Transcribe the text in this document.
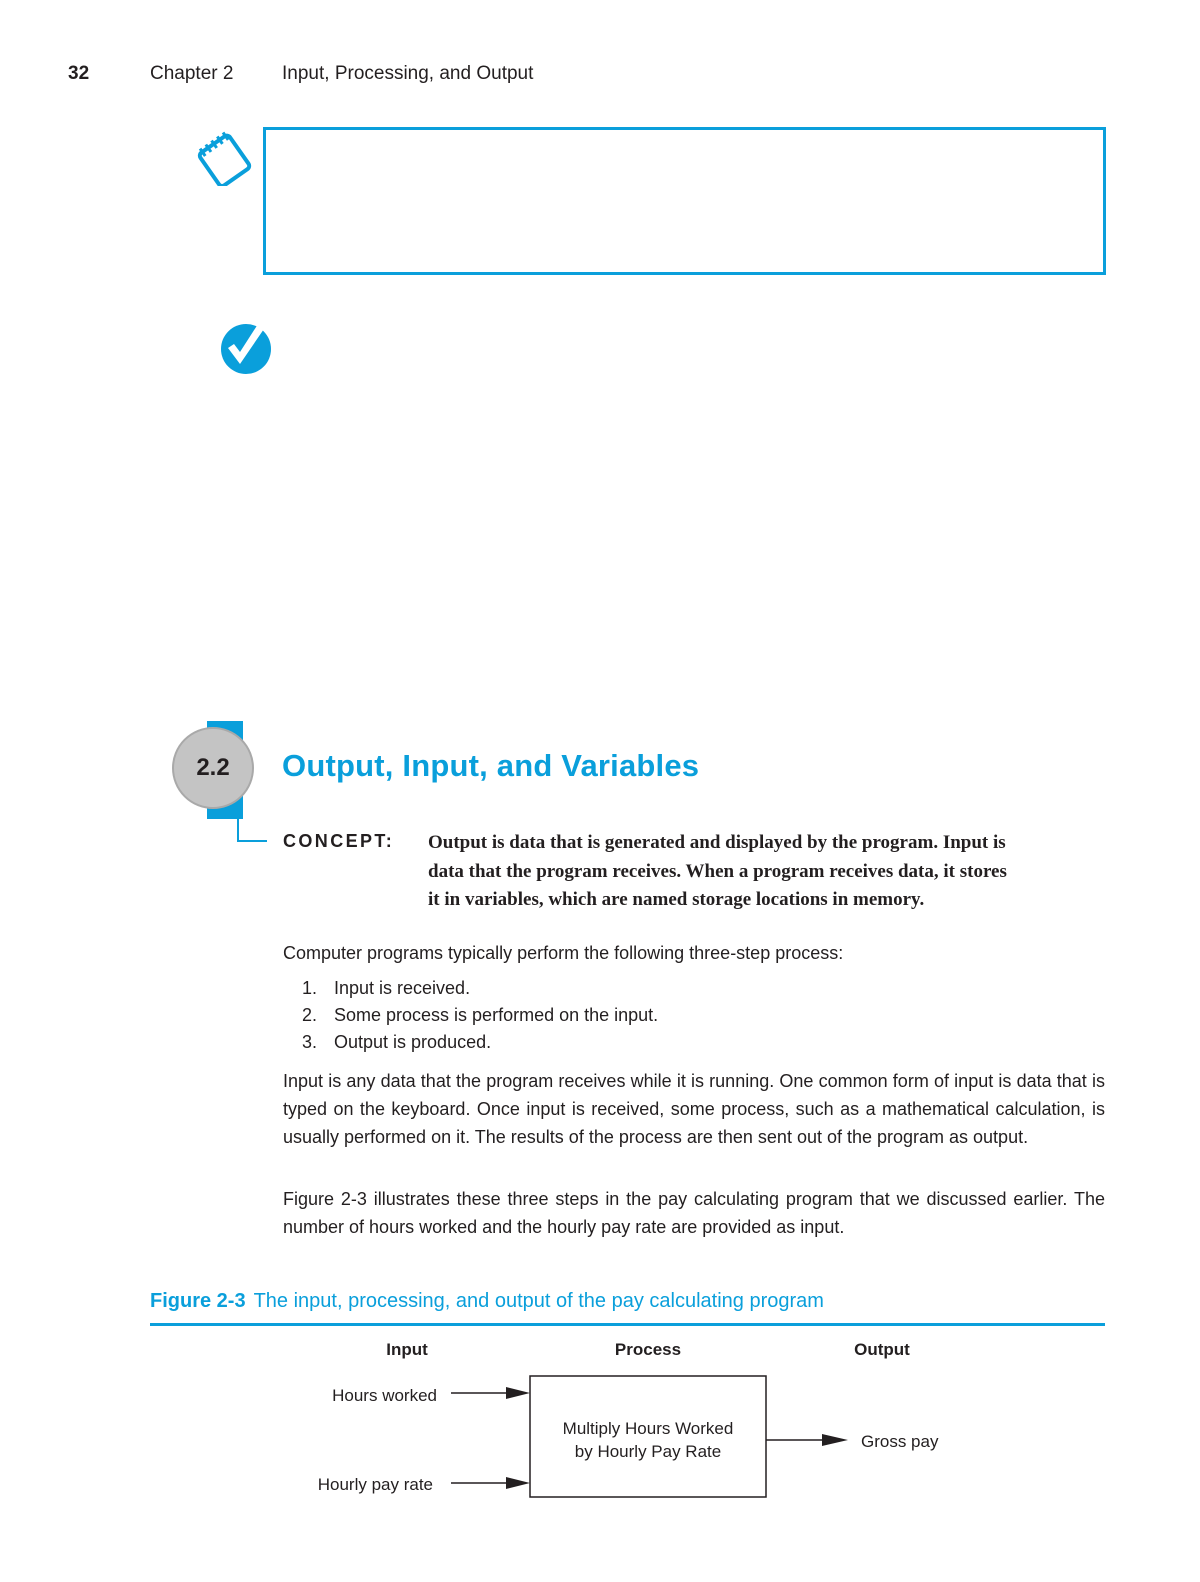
32	Chapter 2	Input, Processing, and Output
2.2 Output, Input, and Variables
CONCEPT: Output is data that is generated and displayed by the program. Input is
data that the program receives. When a program receives data, it stores
it in variables, which are named storage locations in memory.
Computer programs typically perform the following three-step process:
1. Input is received.
2. Some process is performed on the input.
3. Output is produced.
Input is any data that the program receives while it is running. One common form of input is data that is typed on the keyboard. Once input is received, some process, such as a mathematical calculation, is usually performed on it. The results of the process are then sent out of the program as output.
Figure 2-3 illustrates these three steps in the pay calculating program that we discussed earlier. The number of hours worked and the hourly pay rate are provided as input.
Figure 2-3 The input, processing, and output of the pay calculating program
Input	Process	Output
Hours worked
Hourly pay rate
Multiply Hours Worked
by Hourly Pay Rate
Gross pay
